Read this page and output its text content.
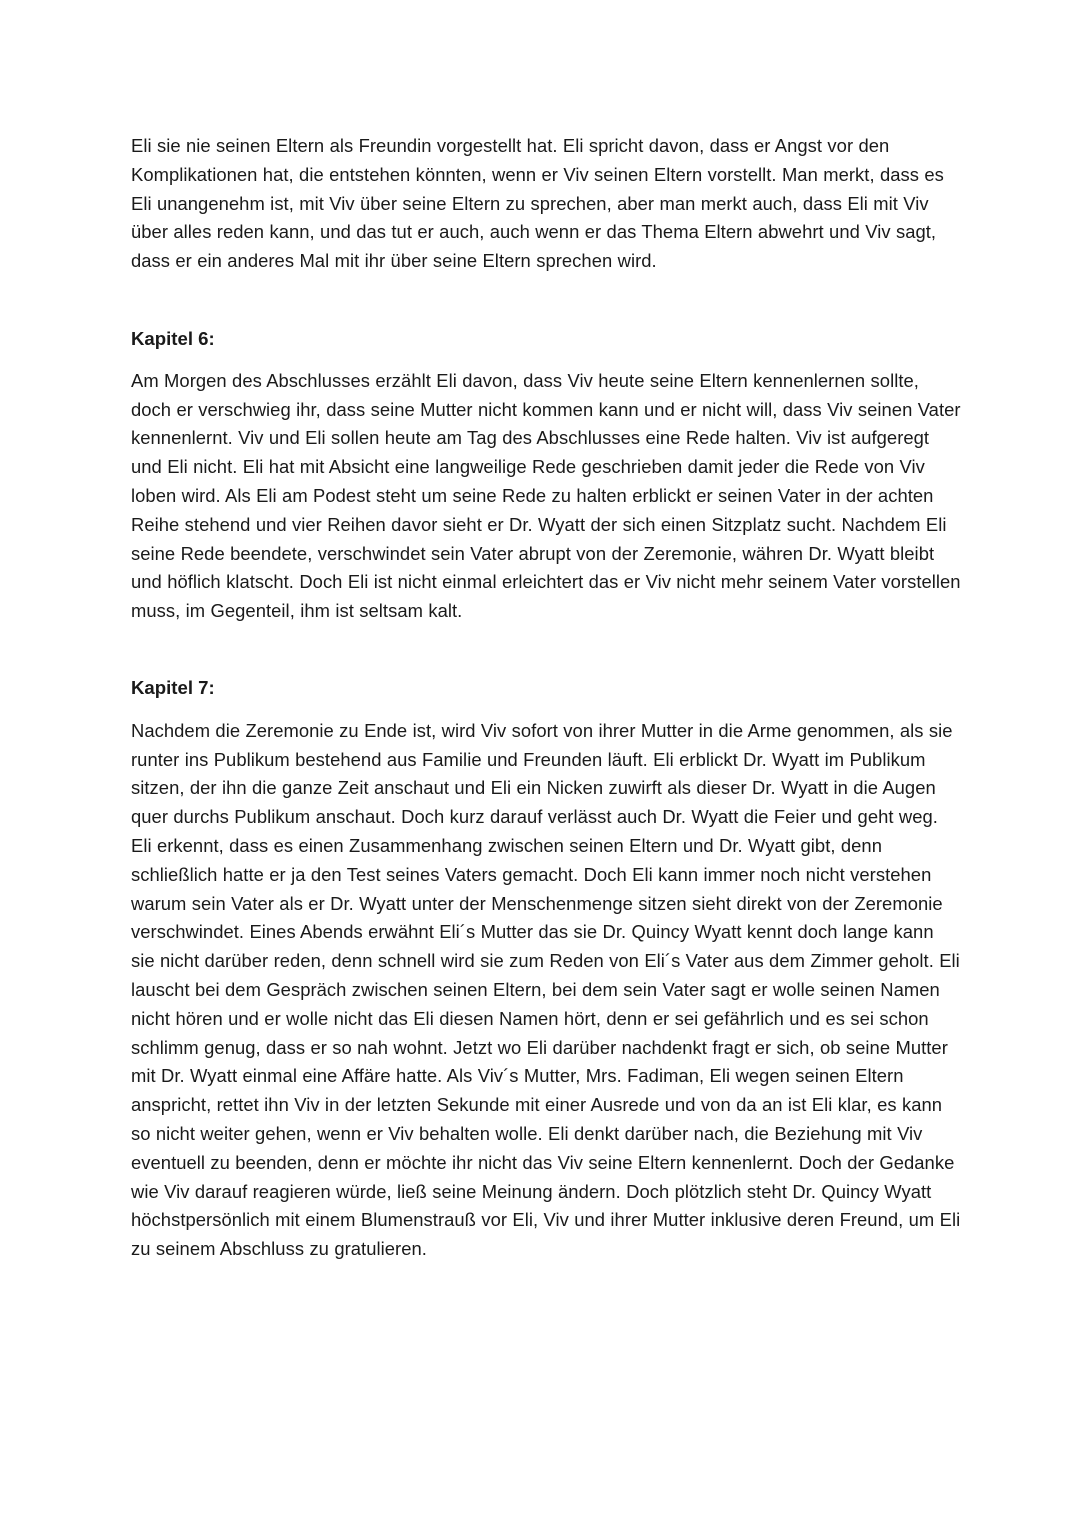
Eli sie nie seinen Eltern als Freundin vorgestellt hat. Eli spricht davon, dass er Angst vor den Komplikationen hat, die entstehen könnten, wenn er Viv seinen Eltern vorstellt. Man merkt, dass es Eli unangenehm ist, mit Viv über seine Eltern zu sprechen, aber man merkt auch, dass Eli mit Viv über alles reden kann, und das tut er auch, auch wenn er das Thema Eltern abwehrt und Viv sagt, dass er ein anderes Mal mit ihr über seine Eltern sprechen wird.

Kapitel 6:

Am Morgen des Abschlusses erzählt Eli davon, dass Viv heute seine Eltern kennenlernen sollte, doch er verschwieg ihr, dass seine Mutter nicht kommen kann und er nicht will, dass Viv seinen Vater kennenlernt. Viv und Eli sollen heute am Tag des Abschlusses eine Rede halten. Viv ist aufgeregt und Eli nicht. Eli hat mit Absicht eine langweilige Rede geschrieben damit jeder die Rede von Viv loben wird. Als Eli am Podest steht um seine Rede zu halten erblickt er seinen Vater in der achten Reihe stehend und vier Reihen davor sieht er Dr. Wyatt der sich einen Sitzplatz sucht. Nachdem Eli seine Rede beendete, verschwindet sein Vater abrupt von der Zeremonie, währen Dr. Wyatt bleibt und höflich klatscht. Doch Eli ist nicht einmal erleichtert das er Viv nicht mehr seinem Vater vorstellen muss, im Gegenteil, ihm ist seltsam kalt.

Kapitel 7:

Nachdem die Zeremonie zu Ende ist, wird Viv sofort von ihrer Mutter in die Arme genommen, als sie runter ins Publikum bestehend aus Familie und Freunden läuft. Eli erblickt Dr. Wyatt im Publikum sitzen, der ihn die ganze Zeit anschaut und Eli ein Nicken zuwirft als dieser Dr. Wyatt in die Augen quer durchs Publikum anschaut. Doch kurz darauf verlässt auch Dr. Wyatt die Feier und geht weg. Eli erkennt, dass es einen Zusammenhang zwischen seinen Eltern und Dr. Wyatt gibt, denn schließlich hatte er ja den Test seines Vaters gemacht. Doch Eli kann immer noch nicht verstehen warum sein Vater als er Dr. Wyatt unter der Menschenmenge sitzen sieht direkt von der Zeremonie verschwindet. Eines Abends erwähnt Eli´s Mutter das sie Dr. Quincy Wyatt kennt doch lange kann sie nicht darüber reden, denn schnell wird sie zum Reden von Eli´s Vater aus dem Zimmer geholt. Eli lauscht bei dem Gespräch zwischen seinen Eltern, bei dem sein Vater sagt er wolle seinen Namen nicht hören und er wolle nicht das Eli diesen Namen hört, denn er sei gefährlich und es sei schon schlimm genug, dass er so nah wohnt. Jetzt wo Eli darüber nachdenkt fragt er sich, ob seine Mutter mit Dr. Wyatt einmal eine Affäre hatte. Als Viv´s Mutter, Mrs. Fadiman, Eli wegen seinen Eltern anspricht, rettet ihn Viv in der letzten Sekunde mit einer Ausrede und von da an ist Eli klar, es kann so nicht weiter gehen, wenn er Viv behalten wolle. Eli denkt darüber nach, die Beziehung mit Viv eventuell zu beenden, denn er möchte ihr nicht das Viv seine Eltern kennenlernt. Doch der Gedanke wie Viv darauf reagieren würde, ließ seine Meinung ändern. Doch plötzlich steht Dr. Quincy Wyatt höchstpersönlich mit einem Blumenstrauß vor Eli, Viv und ihrer Mutter inklusive deren Freund, um Eli zu seinem Abschluss zu gratulieren.
